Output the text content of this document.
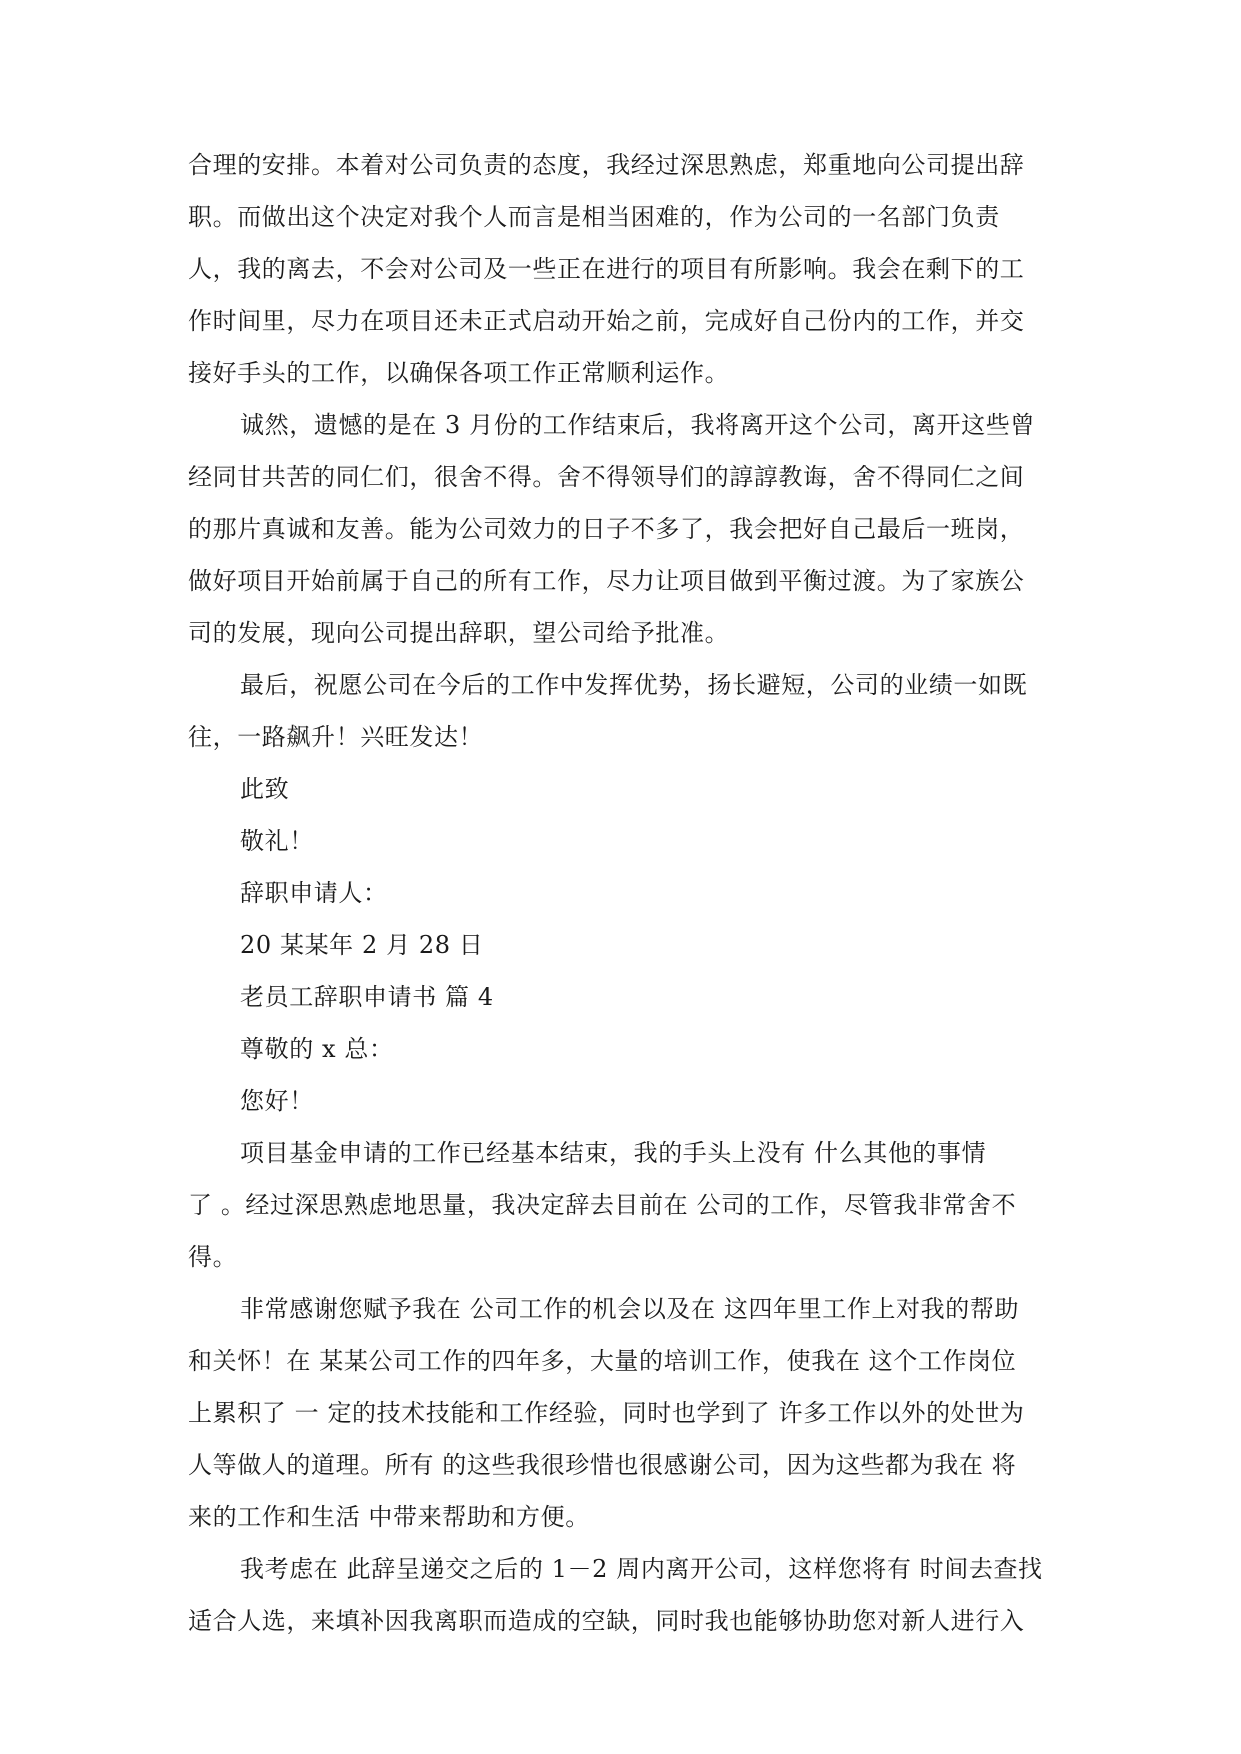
合理的安排。本着对公司负责的态度，我经过深思熟虑，郑重地向公司提出辞
职。而做出这个决定对我个人而言是相当困难的，作为公司的一名部门负责
人，我的离去，不会对公司及一些正在进行的项目有所影响。我会在剩下的工
作时间里，尽力在项目还未正式启动开始之前，完成好自己份内的工作，并交
接好手头的工作，以确保各项工作正常顺利运作。
诚然，遗憾的是在 3 月份的工作结束后，我将离开这个公司，离开这些曾
经同甘共苦的同仁们，很舍不得。舍不得领导们的諄諄教诲，舍不得同仁之间
的那片真诚和友善。能为公司效力的日子不多了，我会把好自己最后一班岗，
做好项目开始前属于自己的所有工作，尽力让项目做到平衡过渡。为了家族公
司的发展，现向公司提出辞职，望公司给予批准。
最后，祝愿公司在今后的工作中发挥优势，扬长避短，公司的业绩一如既
往，一路飙升！兴旺发达！
此致
敬礼！
辞职申请人：
20 某某年 2 月 28 日
老员工辞职申请书 篇 4
尊敬的 x 总：
您好！
项目基金申请的工作已经基本结束，我的手头上没有 什么其他的事情
了 。经过深思熟虑地思量，我决定辞去目前在 公司的工作，尽管我非常舍不
得。
非常感谢您赋予我在 公司工作的机会以及在 这四年里工作上对我的帮助
和关怀！在 某某公司工作的四年多，大量的培训工作，使我在 这个工作岗位
上累积了 一 定的技术技能和工作经验，同时也学到了 许多工作以外的处世为
人等做人的道理。所有 的这些我很珍惜也很感谢公司，因为这些都为我在 将
来的工作和生活 中带来帮助和方便。
我考虑在 此辞呈递交之后的 1－2 周内离开公司，这样您将有 时间去查找
适合人选，来填补因我离职而造成的空缺，同时我也能够协助您对新人进行入
